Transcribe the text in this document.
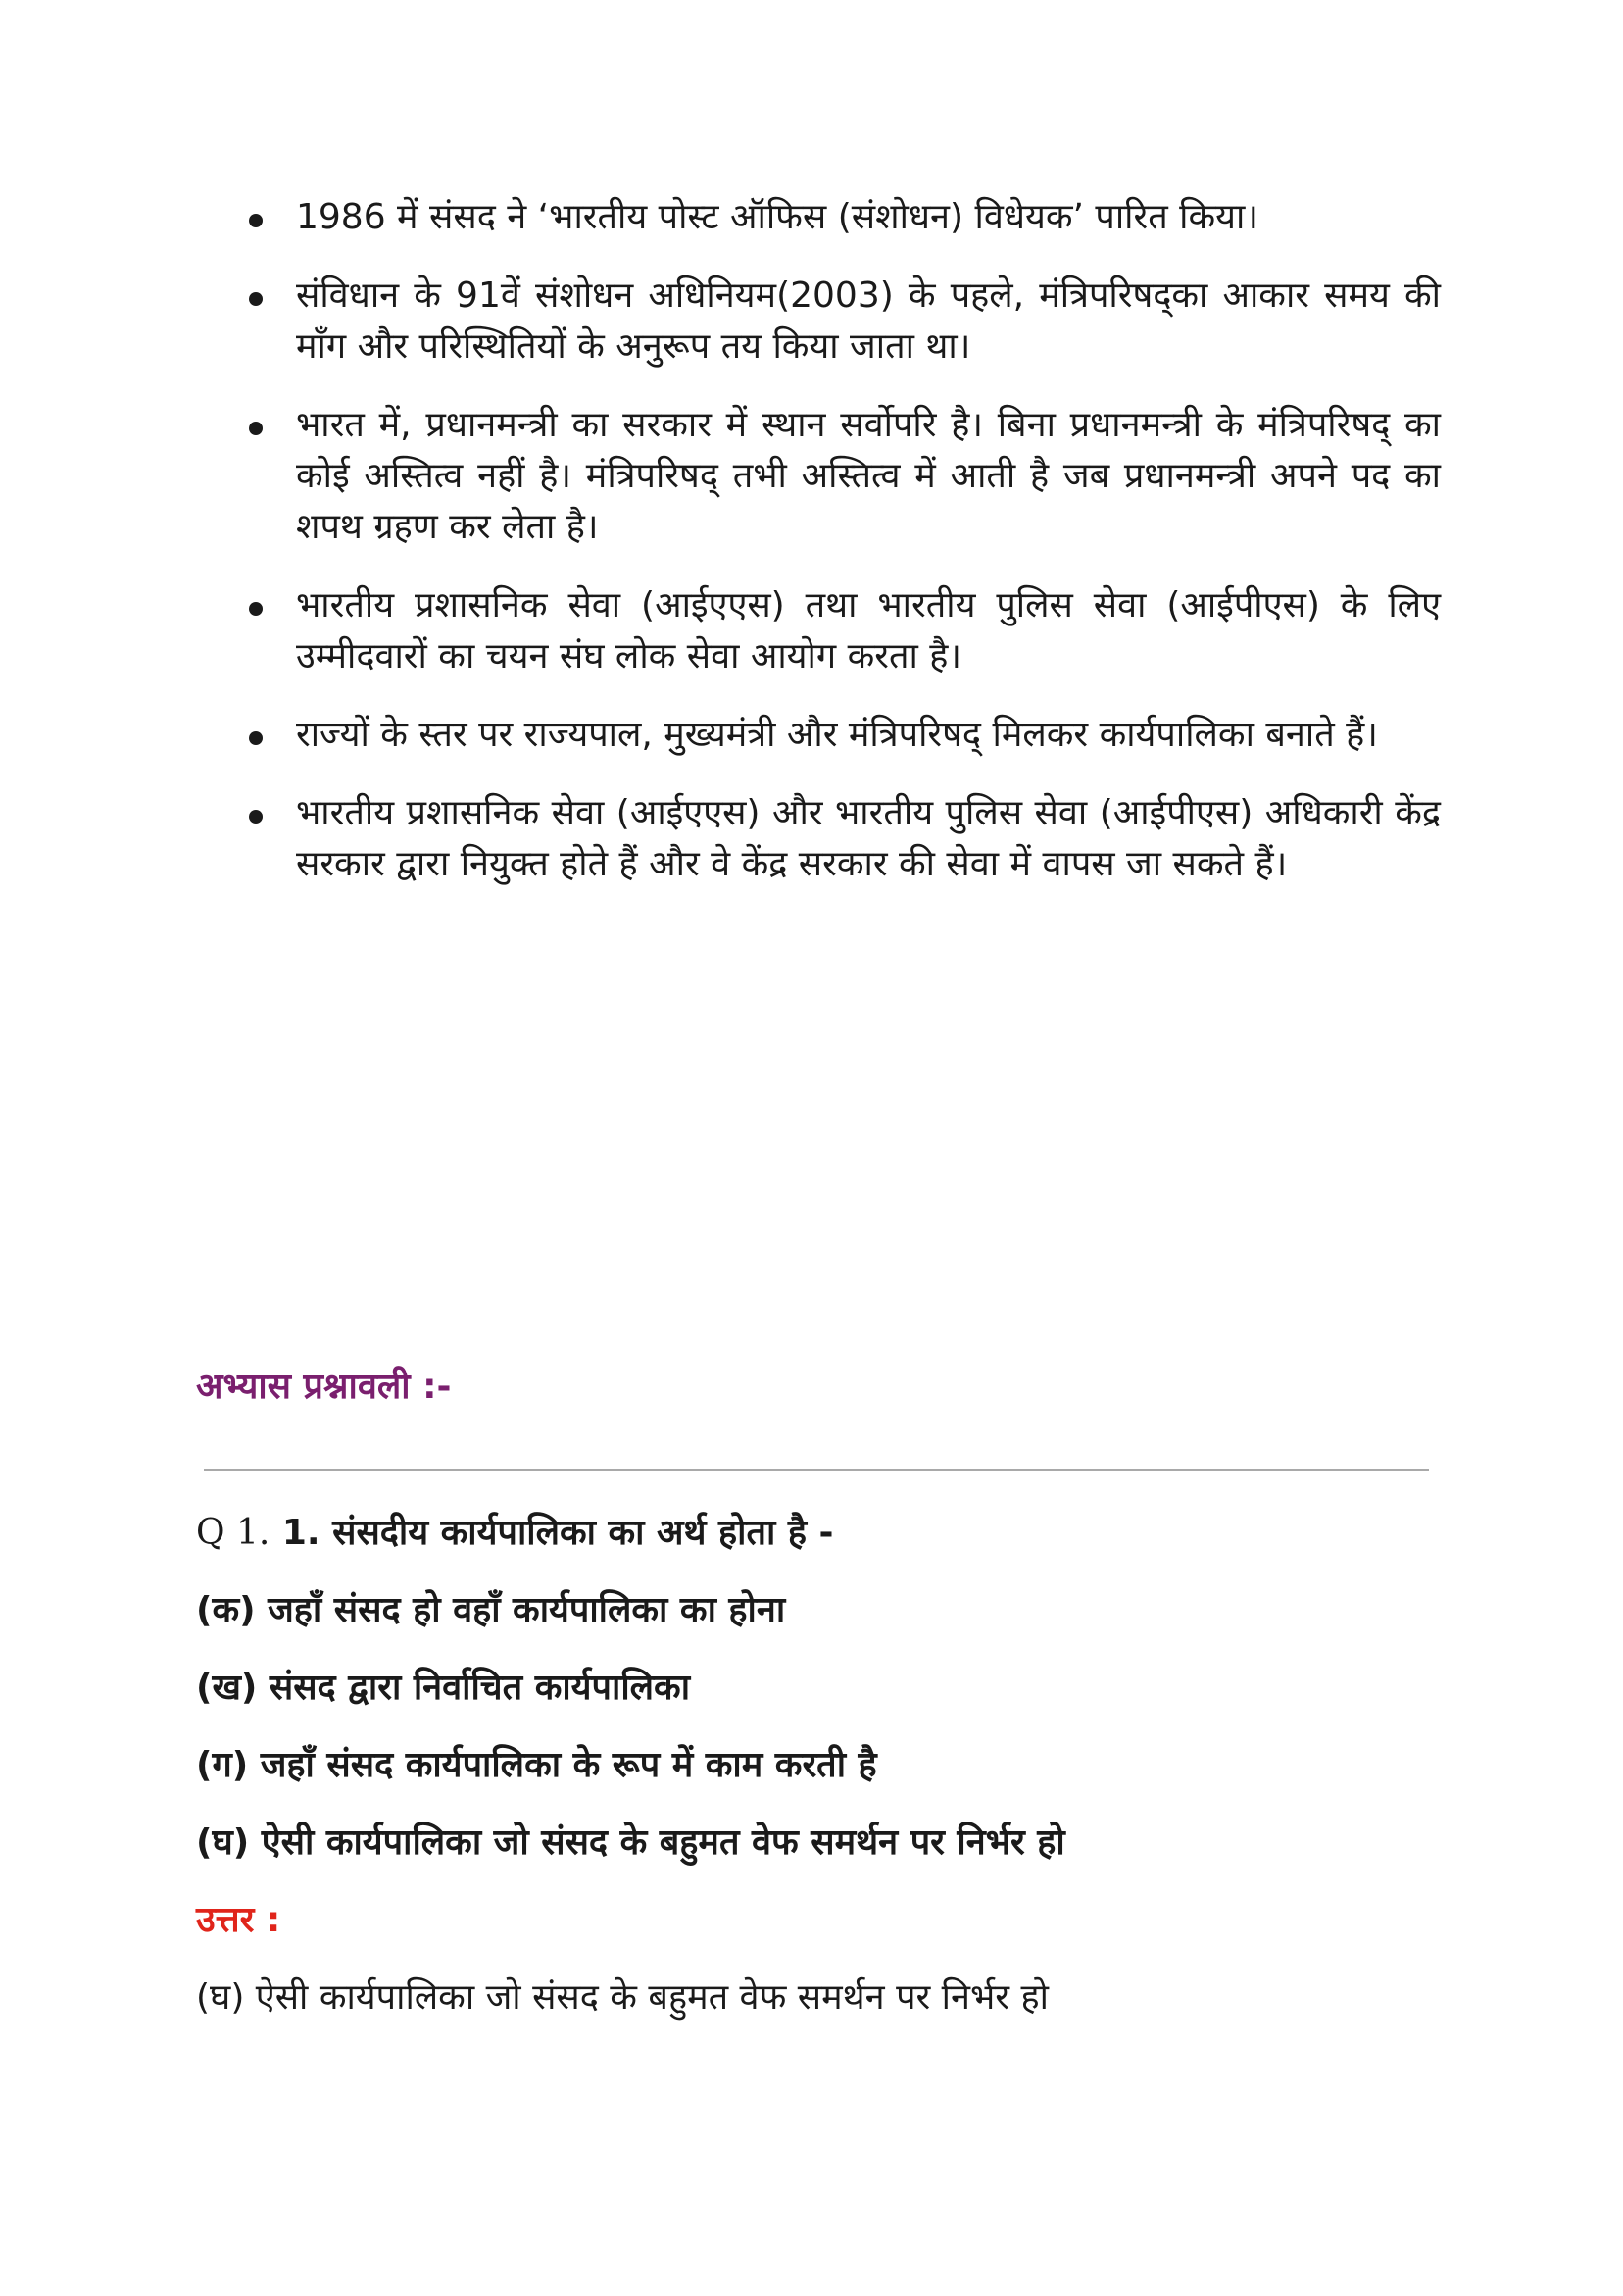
1986 में संसद ने ‘भारतीय पोस्ट ऑफिस (संशोधन) विधेयक’ पारित किया।
संविधान के 91वें संशोधन अधिनियम(2003) के पहले, मंत्रिपरिषद्का आकार समय की माँग और परिस्थितियों के अनुरूप तय किया जाता था।
भारत में, प्रधानमन्त्री का सरकार में स्थान सर्वोपरि है। बिना प्रधानमन्त्री के मंत्रिपरिषद् का कोई अस्तित्व नहीं है। मंत्रिपरिषद् तभी अस्तित्व में आती है जब प्रधानमन्त्री अपने पद का शपथ ग्रहण कर लेता है।
भारतीय प्रशासनिक सेवा (आईएएस) तथा भारतीय पुलिस सेवा (आईपीएस) के लिए उम्मीदवारों का चयन संघ लोक सेवा आयोग करता है।
राज्यों के स्तर पर राज्यपाल, मुख्यमंत्री और मंत्रिपरिषद् मिलकर कार्यपालिका बनाते हैं।
भारतीय प्रशासनिक सेवा (आईएएस) और भारतीय पुलिस सेवा (आईपीएस) अधिकारी केंद्र सरकार द्वारा नियुक्त होते हैं और वे केंद्र सरकार की सेवा में वापस जा सकते हैं।
अभ्यास प्रश्नावली :-
Q 1. 1. संसदीय कार्यपालिका का अर्थ होता है -
(क) जहाँ संसद हो वहाँ कार्यपालिका का होना
(ख) संसद द्वारा निर्वाचित कार्यपालिका
(ग) जहाँ संसद कार्यपालिका के रूप में काम करती है
(घ) ऐसी कार्यपालिका जो संसद के बहुमत वेफ समर्थन पर निर्भर हो
उत्तर :
(घ) ऐसी कार्यपालिका जो संसद के बहुमत वेफ समर्थन पर निर्भर हो
